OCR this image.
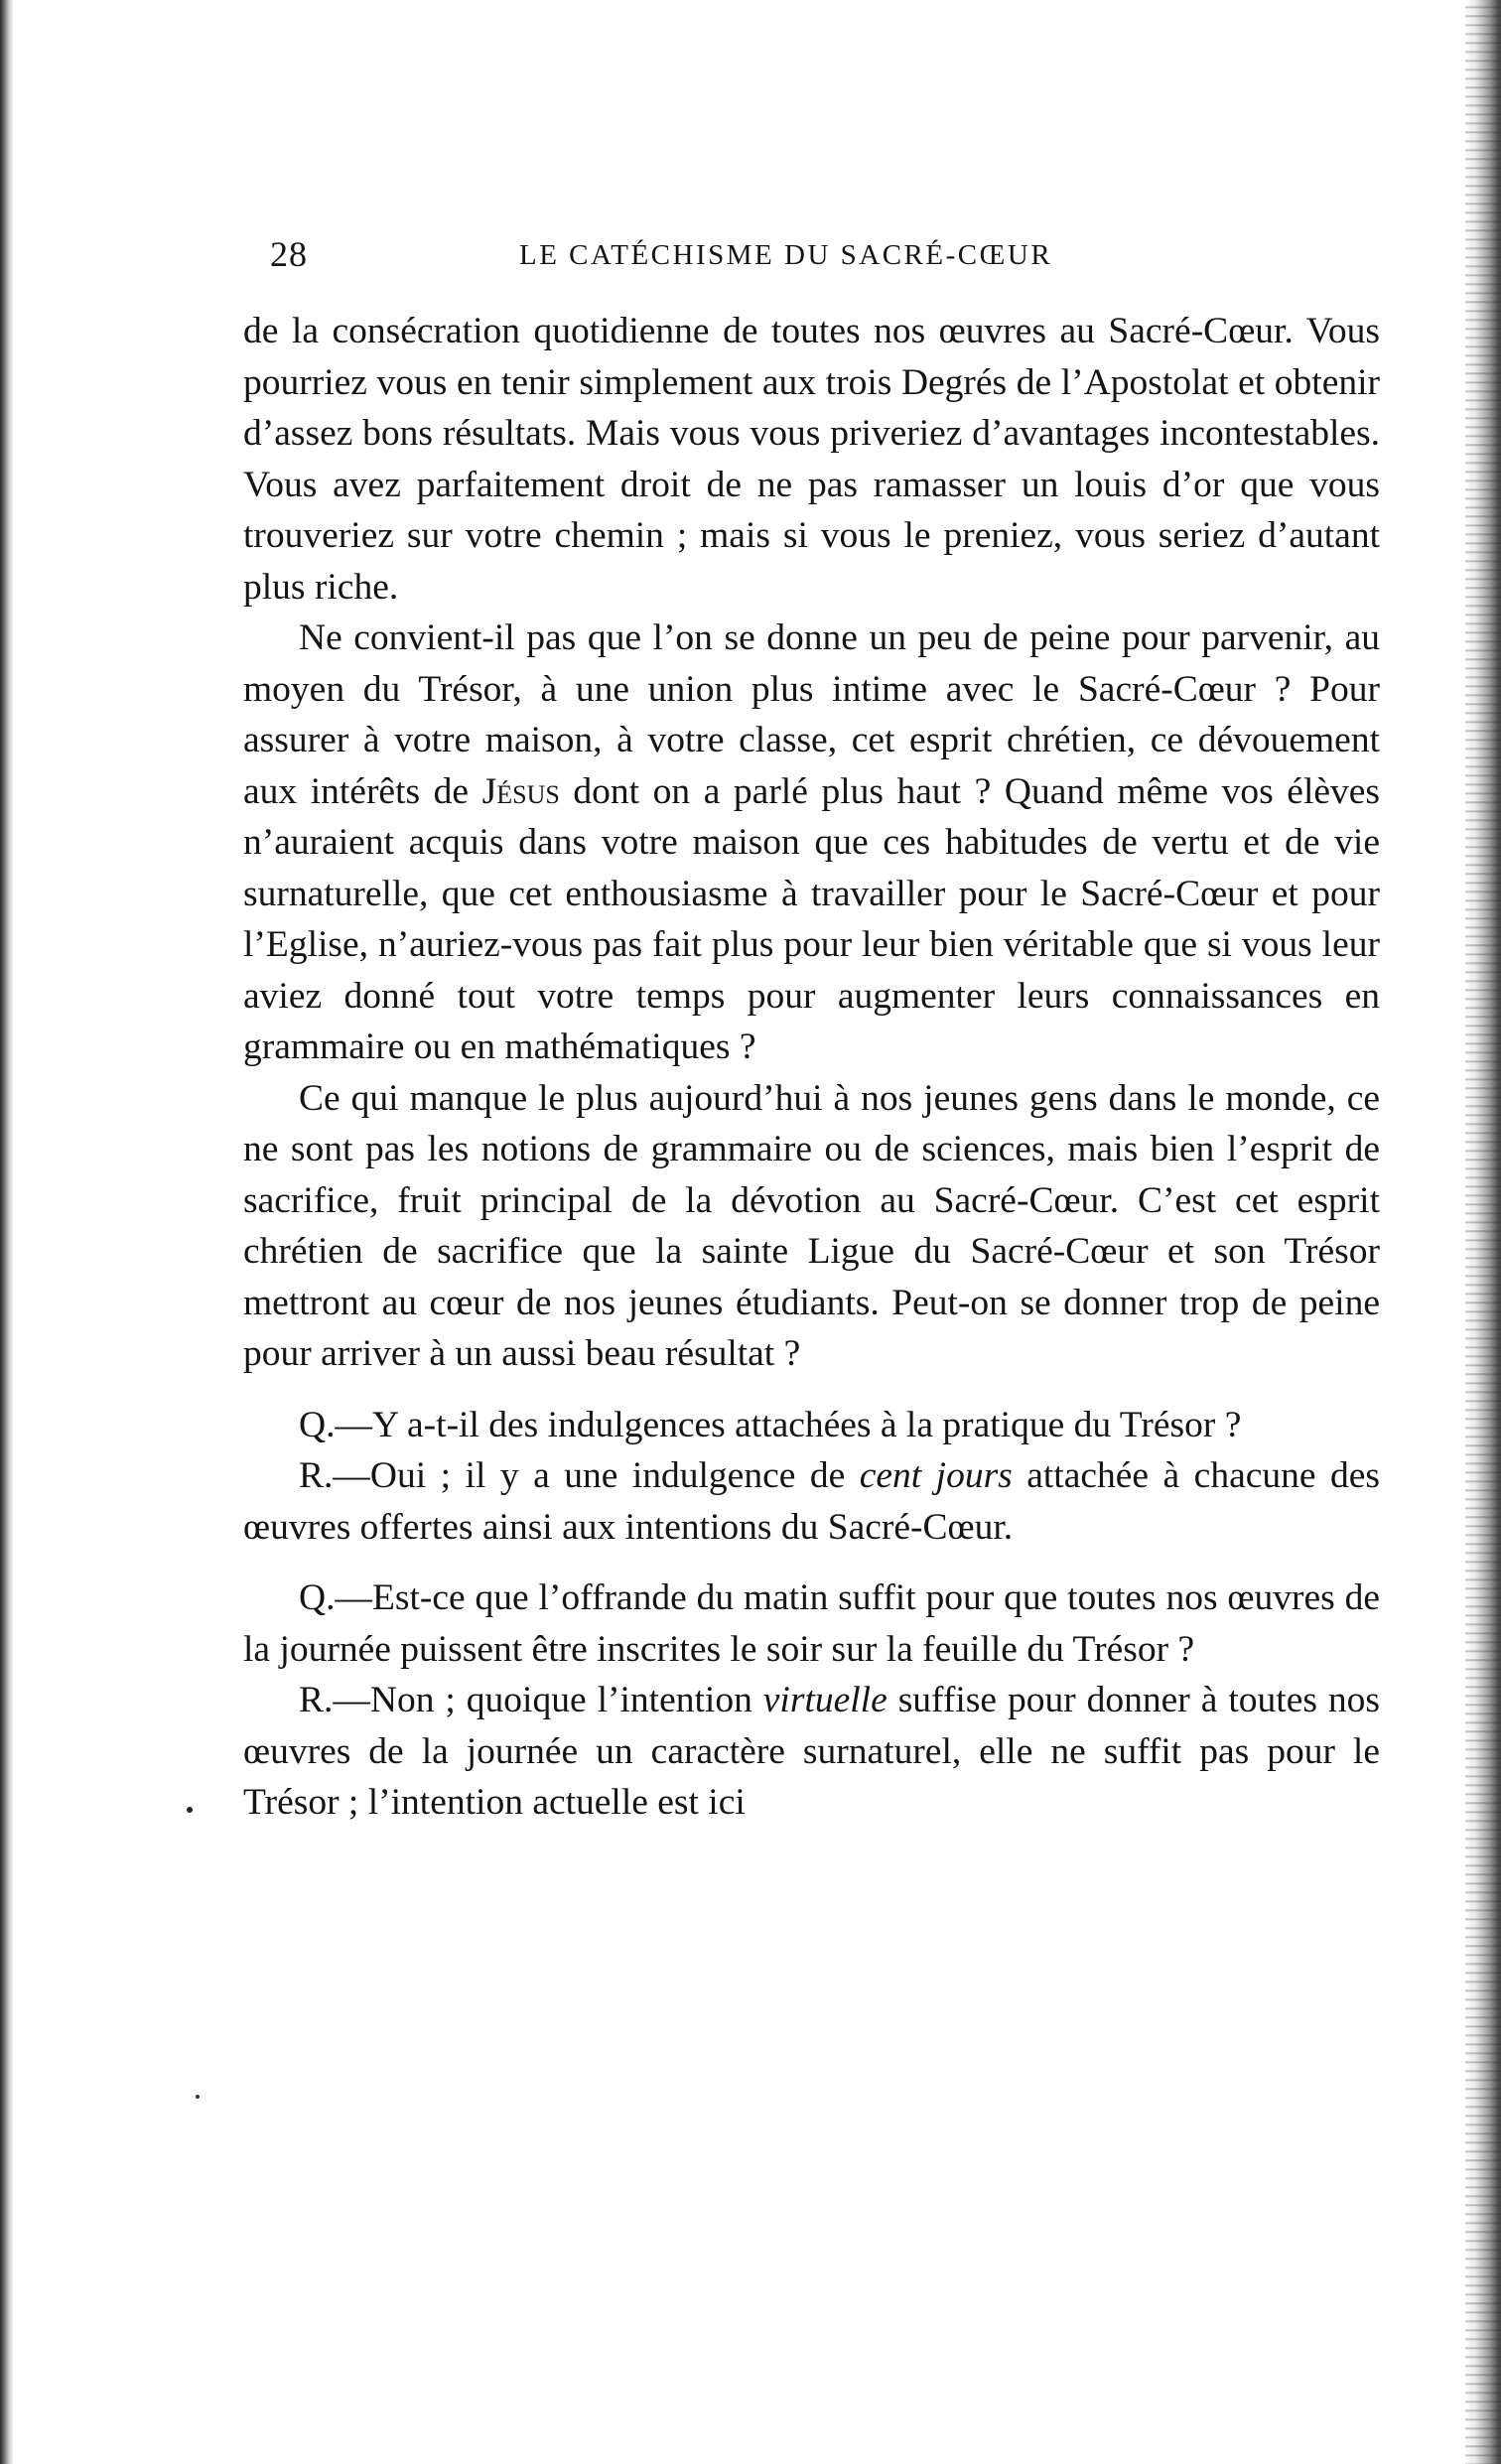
28	LE CATÉCHISME DU SACRÉ-CŒUR

de la consécration quotidienne de toutes nos œuvres au Sacré-Cœur. Vous pourriez vous en tenir simplement aux trois Degrés de l’Apostolat et obtenir d’assez bons résultats. Mais vous vous priveriez d’avantages incontestables. Vous avez parfaitement droit de ne pas ramasser un louis d’or que vous trouveriez sur votre chemin ; mais si vous le preniez, vous seriez d’autant plus riche.

Ne convient-il pas que l’on se donne un peu de peine pour parvenir, au moyen du Trésor, à une union plus intime avec le Sacré-Cœur ? Pour assurer à votre maison, à votre classe, cet esprit chrétien, ce dévouement aux intérêts de Jésus dont on a parlé plus haut ? Quand même vos élèves n’auraient acquis dans votre maison que ces habitudes de vertu et de vie surnaturelle, que cet enthousiasme à travailler pour le Sacré-Cœur et pour l’Eglise, n’auriez-vous pas fait plus pour leur bien véritable que si vous leur aviez donné tout votre temps pour augmenter leurs connaissances en grammaire ou en mathématiques ?

Ce qui manque le plus aujourd’hui à nos jeunes gens dans le monde, ce ne sont pas les notions de grammaire ou de sciences, mais bien l’esprit de sacrifice, fruit principal de la dévotion au Sacré-Cœur. C’est cet esprit chrétien de sacrifice que la sainte Ligue du Sacré-Cœur et son Trésor mettront au cœur de nos jeunes étudiants. Peut-on se donner trop de peine pour arriver à un aussi beau résultat ?

Q.—Y a-t-il des indulgences attachées à la pratique du Trésor ?

R.—Oui ; il y a une indulgence de cent jours attachée à chacune des œuvres offertes ainsi aux intentions du Sacré-Cœur.

Q.—Est-ce que l’offrande du matin suffit pour que toutes nos œuvres de la journée puissent être inscrites le soir sur la feuille du Trésor ?

R.—Non ; quoique l’intention virtuelle suffise pour donner à toutes nos œuvres de la journée un caractère surnaturel, elle ne suffit pas pour le Trésor ; l’intention actuelle est ici
